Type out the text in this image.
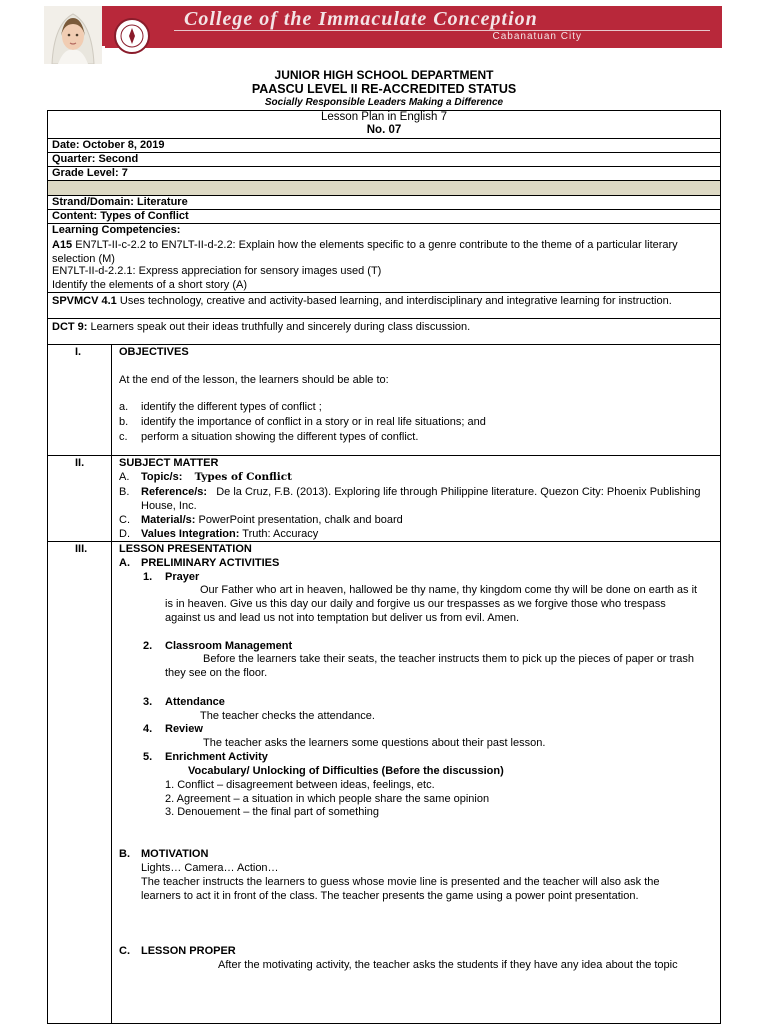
College of the Immaculate Conception
Cabanatuan City
JUNIOR HIGH SCHOOL DEPARTMENT
PAASCU LEVEL II RE-ACCREDITED STATUS
Socially Responsible Leaders Making a Difference
Lesson Plan in English 7
No. 07
Date: October 8, 2019
Quarter: Second
Grade Level: 7
Strand/Domain: Literature
Content: Types of Conflict
Learning Competencies:
A15 EN7LT-II-c-2.2 to EN7LT-II-d-2.2: Explain how the elements specific to a genre contribute to the theme of a particular literary selection (M)
EN7LT-II-d-2.2.1: Express appreciation for sensory images used (T)
Identify the elements of a short story (A)
SPVMCV 4.1 Uses technology, creative and activity-based learning, and interdisciplinary and integrative learning for instruction.
DCT 9: Learners speak out their ideas truthfully and sincerely during class discussion.
I.	OBJECTIVES
At the end of the lesson, the learners should be able to:
a. identify the different types of conflict ;
b. identify the importance of conflict in a story or in real life situations; and
c. perform a situation showing the different types of conflict.
II.	SUBJECT MATTER
A. Topic/s: Types of Conflict
B. Reference/s: De la Cruz, F.B. (2013). Exploring life through Philippine literature. Quezon City: Phoenix Publishing
House, Inc.
C. Material/s: PowerPoint presentation, chalk and board
D. Values Integration: Truth: Accuracy
III.	LESSON PRESENTATION
A. PRELIMINARY ACTIVITIES
1. Prayer
Our Father who art in heaven, hallowed be thy name, thy kingdom come thy will be done on earth as it
is in heaven. Give us this day our daily and forgive us our trespasses as we forgive those who trespass
against us and lead us not into temptation but deliver us from evil. Amen.
2. Classroom Management
Before the learners take their seats, the teacher instructs them to pick up the pieces of paper or trash
they see on the floor.
3. Attendance
The teacher checks the attendance.
4. Review
The teacher asks the learners some questions about their past lesson.
5. Enrichment Activity
Vocabulary/ Unlocking of Difficulties (Before the discussion)
1. Conflict – disagreement between ideas, feelings, etc.
2. Agreement – a situation in which people share the same opinion
3. Denouement – the final part of something
B. MOTIVATION
Lights… Camera… Action…
The teacher instructs the learners to guess whose movie line is presented and the teacher will also ask the
learners to act it in front of the class. The teacher presents the game using a power point presentation.
C. LESSON PROPER
After the motivating activity, the teacher asks the students if they have any idea about the topic
